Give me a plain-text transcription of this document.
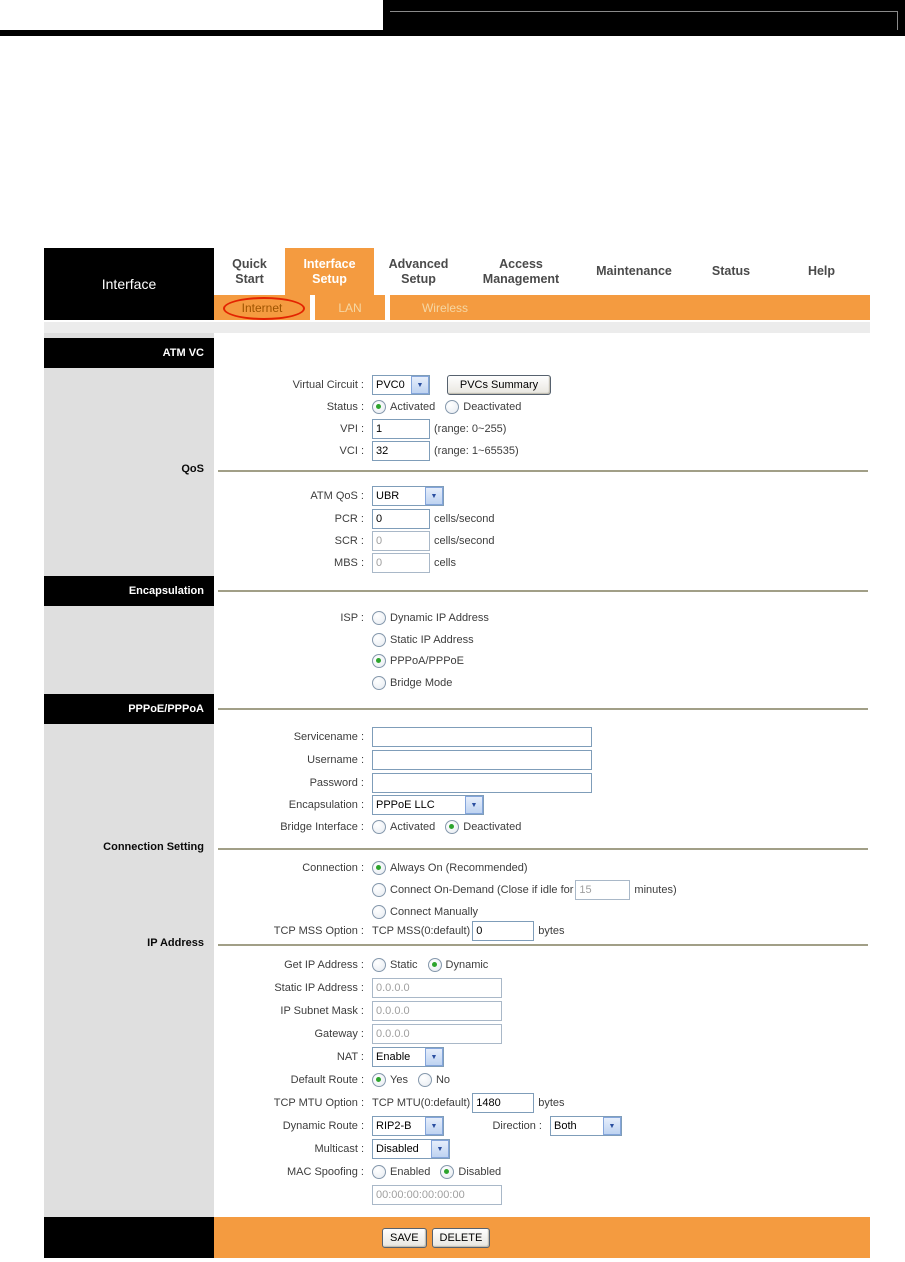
Interface
Quick
Start
Interface
Setup
Advanced
Setup
Access
Management
Maintenance	Status	Help
Internet	LAN	Wireless
ATM VC
QoS
Encapsulation
PPPoE/PPPoA
Connection Setting
IP Address
Virtual Circuit :	PVC0	▼	PVCs Summary
Status :	Activated	Deactivated
VPI :
1	(range: 0~255)
VCI :
32	(range: 1~65535)
ATM QoS :	UBR	▼
PCR :
0	cells/second
SCR :
0	cells/second
MBS :
0	cells
ISP :	Dynamic IP Address
Static IP Address
PPPoA/PPPoE
Bridge Mode
Servicename :
Username :
Password :
Encapsulation :	PPPoE LLC	▼
Bridge Interface :	Activated	Deactivated
Connection :	Always On (Recommended)
Connect On-Demand (Close if idle for
15	minutes)
Connect Manually
TCP MSS Option : TCP MSS(0:default)
0	bytes
Get IP Address :	Static	Dynamic
Static IP Address :
0.0.0.0
IP Subnet Mask :
0.0.0.0
Gateway :
0.0.0.0
NAT :	Enable	▼
Default Route :	Yes	No
TCP MTU Option : TCP MTU(0:default)
1480	bytes
Dynamic Route :	RIP2-B	▼	Direction :	Both	▼
Multicast :	Disabled	▼
MAC Spoofing :	Enabled	Disabled
00:00:00:00:00:00
SAVE	DELETE
